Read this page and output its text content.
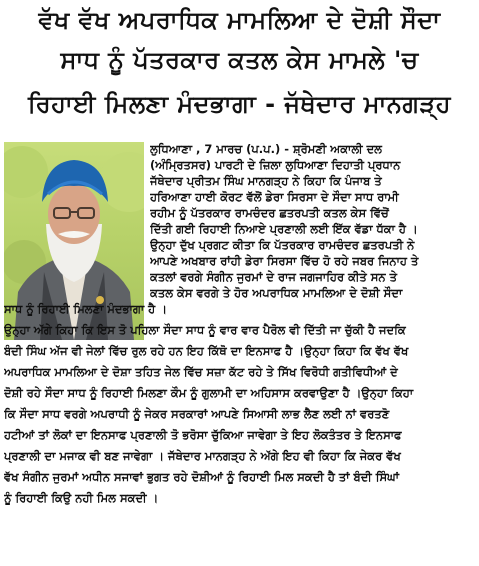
ਵੱਖ ਵੱਖ ਅਪਰਾਧਿਕ ਮਾਮਲਿਆ ਦੇ ਦੋਸ਼ੀ ਸੌਦਾ
ਸਾਧ ਨੂੰ ਪੱਤਰਕਾਰ ਕਤਲ ਕੇਸ ਮਾਮਲੇ 'ਚ
ਰਿਹਾਈ ਮਿਲਣਾ ਮੰਦਭਾਗਾ - ਜੱਥੇਦਾਰ ਮਾਨਗੜ੍ਹ
ਲੁਧਿਆਣਾ , 7 ਮਾਰਚ (ਪ.ਪ.) - ਸ਼੍ਰੋਮਣੀ ਅਕਾਲੀ ਦਲ
(ਅੰਮ੍ਰਿਤਸਰ) ਪਾਰਟੀ ਦੇ ਜ਼ਿਲਾ ਲੁਧਿਆਣਾ ਦਿਹਾਤੀ ਪ੍ਰਧਾਨ
ਜੱਥੇਦਾਰ ਪ੍ਰੀਤਮ ਸਿੰਘ ਮਾਨਗੜ੍ਹ ਨੇ ਕਿਹਾ ਕਿ ਪੰਜਾਬ ਤੇ
ਹਰਿਆਣਾ ਹਾਈ ਕੋਰਟ ਵੱਲੋਂ ਡੇਰਾ ਸਿਰਸਾ ਦੇ ਸੌਦਾ ਸਾਧ ਰਾਮੀ
ਰਹੀਮ ਨੂੰ ਪੱਤਰਕਾਰ ਰਾਮਚੰਦਰ ਛਤਰਪਤੀ ਕਤਲ ਕੇਸ ਵਿੱਚੋਂ
ਦਿੱਤੀ ਗਈ ਰਿਹਾਈ ਨਿਆਏ ਪ੍ਰਣਾਲੀ ਲਈ ਇੱਕ ਵੱਡਾ ਧੱਕਾ ਹੈ ।
ਉਨ੍ਹਾ ਦੁੱਖ ਪ੍ਰਗਟ ਕੀਤਾ ਕਿ ਪੱਤਰਕਾਰ ਰਾਮਚੰਦਰ ਛਤਰਪਤੀ ਨੇ
ਆਪਣੇ ਅਖਬਾਰ ਰਾਂਹੀ ਡੇਰਾ ਸਿਰਸਾ ਵਿੱਚ ਹੋ ਰਹੇ ਜਬਰ ਜਿਨਾਹ ਤੇ
ਕਤਲਾਂ ਵਰਗੇ ਸੰਗੀਨ ਜੁਰਮਾਂ ਦੇ ਰਾਜ ਜਗਜਾਹਿਰ ਕੀਤੇ ਸਨ ਤੇ
ਕਤਲ ਕੇਸ ਵਰਗੇ ਤੇ ਹੋਰ ਅਪਰਾਧਿਕ ਮਾਮਲਿਆ ਦੇ ਦੋਸ਼ੀ ਸੌਦਾ
ਸਾਧ ਨੂੰ ਰਿਹਾਈ ਮਿਲਣਾ ਮੰਦਭਾਗਾ ਹੈ ।
ਉਨ੍ਹਾ ਅੱਗੇ ਕਿਹਾ ਕਿ ਇਸ ਤੋ ਪਹਿਲਾ ਸੌਦਾ ਸਾਧ ਨੂੰ ਵਾਰ ਵਾਰ ਪੈਰੋਲ ਵੀ ਦਿੱਤੀ ਜਾ ਚੁੱਕੀ ਹੈ ਜਦਕਿ
ਬੰਦੀ ਸਿੰਘ ਅੱਜ ਵੀ ਜੇਲਾਂ ਵਿੱਚ ਰੁਲ ਰਹੇ ਹਨ ਇਹ ਕਿੱਥੋ ਦਾ ਇਨਸਾਫ ਹੈ ।ਉਨ੍ਹਾ ਕਿਹਾ ਕਿ ਵੱਖ ਵੱਖ
ਅਪਰਾਧਿਕ ਮਾਮਲਿਆ ਦੇ ਦੋਸ਼ਾ ਤਹਿਤ ਜੇਲ ਵਿੱਚ ਸਜ਼ਾ ਕੱਟ ਰਹੇ ਤੇ ਸਿੱਖ ਵਿਰੋਧੀ ਗਤੀਵਿਧੀਆਂ ਦੇ
ਦੋਸ਼ੀ ਰਹੇ ਸੌਦਾ ਸਾਧ ਨੂੰ ਰਿਹਾਈ ਮਿਲਣਾ ਕੌਮ ਨੂੰ ਗੁਲਾਮੀ ਦਾ ਅਹਿਸਾਸ ਕਰਵਾਉਣਾ ਹੈ ।ਉਨ੍ਹਾ ਕਿਹਾ
ਕਿ ਸੌਦਾ ਸਾਧ ਵਰਗੇ ਅਪਰਾਧੀ ਨੂੰ ਜੇਕਰ ਸਰਕਾਰਾਂ ਆਪਣੇ ਸਿਆਸੀ ਲਾਭ ਲੈਣ ਲਈ ਨਾਂ ਵਰਤਣੋ
ਹਟੀਆਂ ਤਾਂ ਲੋਕਾਂ ਦਾ ਇਨਸਾਫ ਪ੍ਰਣਾਲੀ ਤੋ ਭਰੋਸਾ ਚੁੱਕਿਆ ਜਾਵੇਗਾ ਤੇ ਇਹ ਲੋਕਤੰਤਰ ਤੇ ਇਨਸਾਫ
ਪ੍ਰਣਾਲੀ ਦਾ ਮਜਾਕ ਵੀ ਬਣ ਜਾਵੇਗਾ । ਜੱਥੇਦਾਰ ਮਾਨਗੜ੍ਹ ਨੇ ਅੱਗੇ ਇਹ ਵੀ ਕਿਹਾ ਕਿ ਜੇਕਰ ਵੱਖ
ਵੱਖ ਸੰਗੀਨ ਜੁਰਮਾਂ ਅਧੀਨ ਸਜਾਵਾਂ ਭੁਗਤ ਰਹੇ ਦੋਸ਼ੀਆਂ ਨੂੰ ਰਿਹਾਈ ਮਿਲ ਸਕਦੀ ਹੈ ਤਾਂ ਬੰਦੀ ਸਿੰਘਾਂ
ਨੂੰ ਰਿਹਾਈ ਕਿਉ ਨਹੀ ਮਿਲ ਸਕਦੀ ।
